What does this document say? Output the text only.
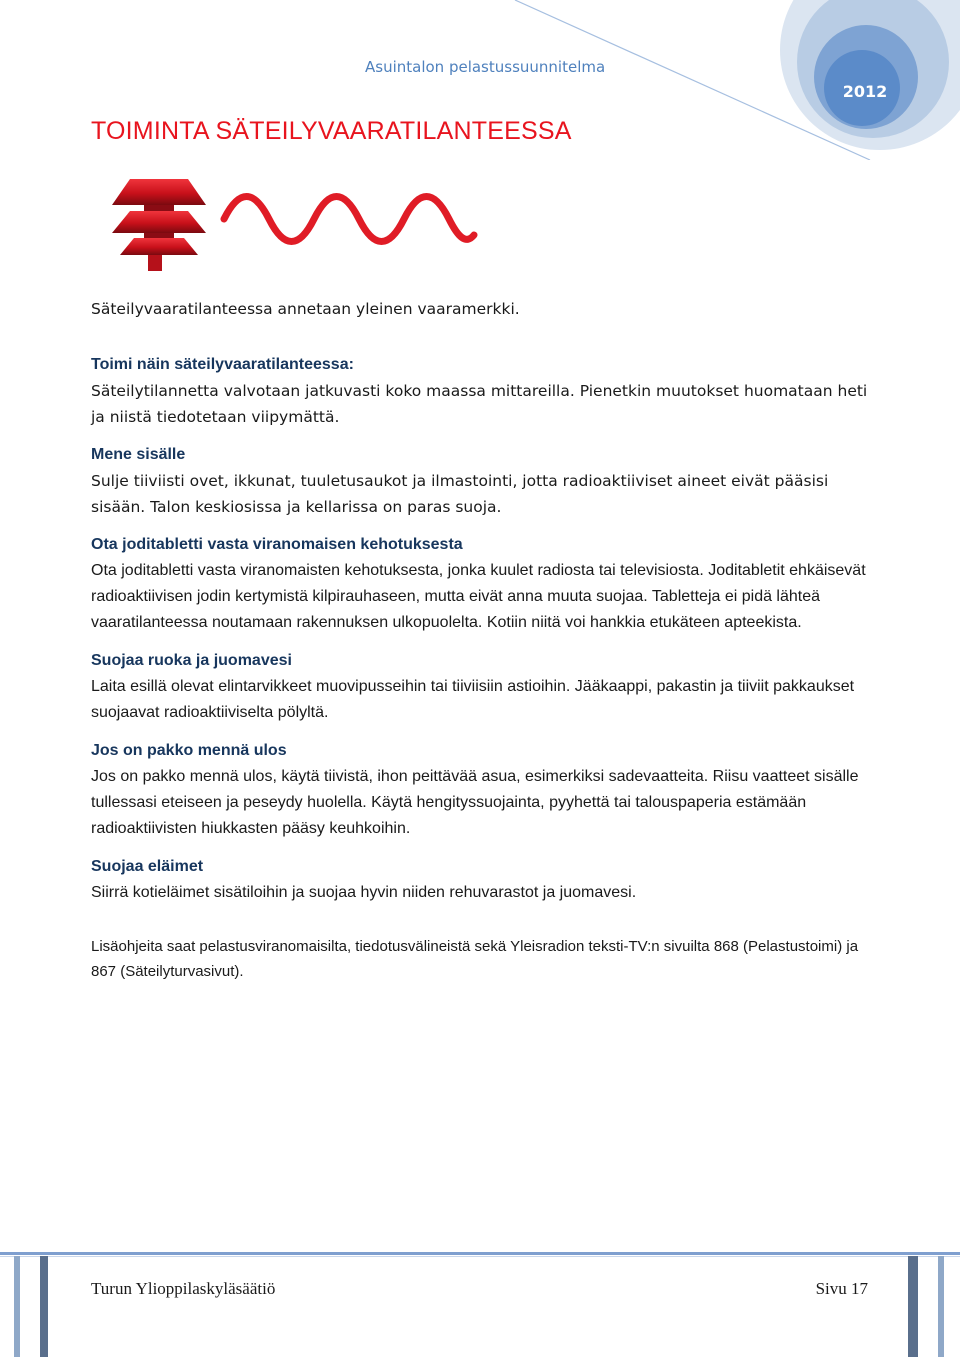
Asuintalon pelastussuunnitelma
2012
TOIMINTA SÄTEILYVAARATILANTEESSA

Säteilyvaaratilanteessa annetaan yleinen vaaramerkki.

Toimi näin säteilyvaaratilanteessa:

Säteilytilannetta valvotaan jatkuvasti koko maassa mittareilla. Pienetkin muutokset huomataan heti ja niistä tiedotetaan viipymättä.

Mene sisälle

Sulje tiiviisti ovet, ikkunat, tuuletusaukot ja ilmastointi, jotta radioaktiiviset aineet eivät pääsisi sisään. Talon keskiosissa ja kellarissa on paras suoja.

Ota joditabletti vasta viranomaisen kehotuksesta

Ota joditabletti vasta viranomaisten kehotuksesta, jonka kuulet radiosta tai televisiosta. Joditabletit ehkäisevät radioaktiivisen jodin kertymistä kilpirauhaseen, mutta eivät anna muuta suojaa. Tabletteja ei pidä lähteä vaaratilanteessa noutamaan rakennuksen ulkopuolelta. Kotiin niitä voi hankkia etukäteen apteekista.

Suojaa ruoka ja juomavesi

Laita esillä olevat elintarvikkeet muovipusseihin tai tiiviisiin astioihin. Jääkaappi, pakastin ja tiiviit pakkaukset suojaavat radioaktiiviselta pölyltä.

Jos on pakko mennä ulos

Jos on pakko mennä ulos, käytä tiivistä, ihon peittävää asua, esimerkiksi sadevaatteita. Riisu vaatteet sisälle tullessasi eteiseen ja peseydy huolella. Käytä hengityssuojainta, pyyhettä tai talouspaperia estämään radioaktiivisten hiukkasten pääsy keuhkoihin.

Suojaa eläimet

Siirrä kotieläimet sisätiloihin ja suojaa hyvin niiden rehuvarastot ja juomavesi.

Lisäohjeita saat pelastusviranomaisilta, tiedotusvälineistä sekä Yleisradion teksti-TV:n sivuilta 868 (Pelastustoimi) ja 867 (Säteilyturvasivut).

Turun Ylioppilaskyläsäätiö	Sivu 17
